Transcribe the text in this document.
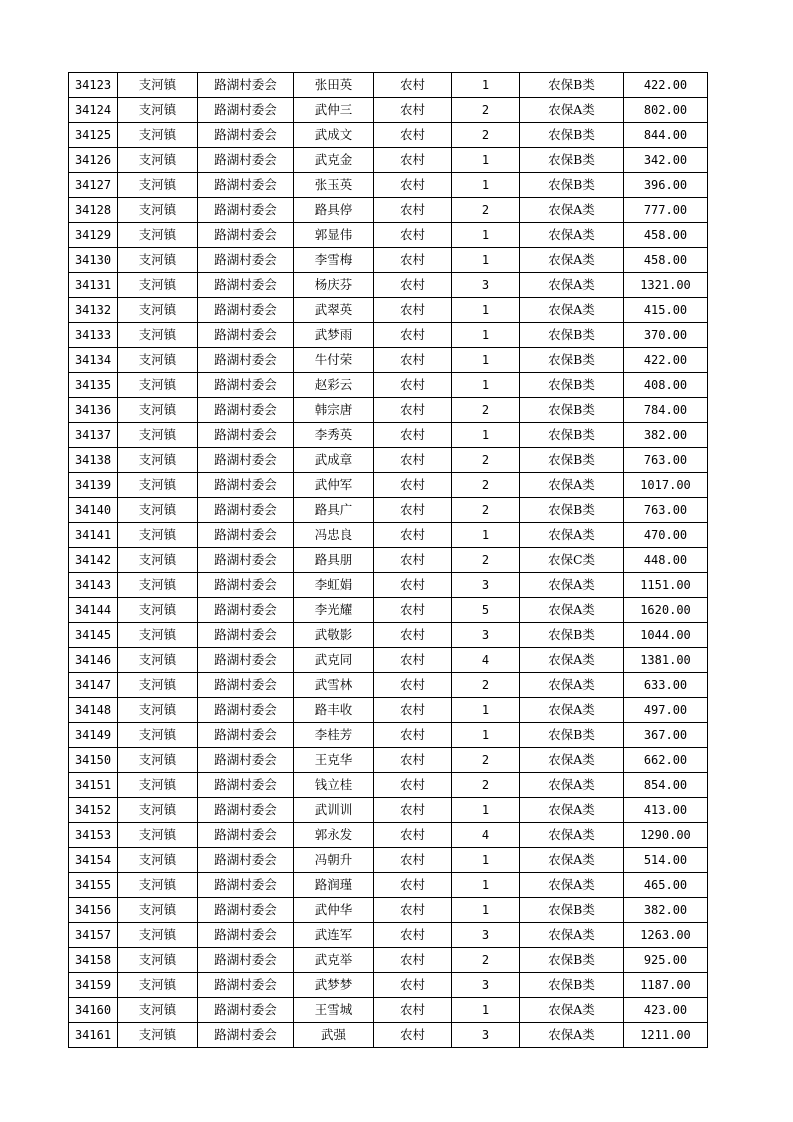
34123	支河镇	路湖村委会	张田英	农村	1	农保B类	422.00
34124	支河镇	路湖村委会	武仲三	农村	2	农保A类	802.00
34125	支河镇	路湖村委会	武成文	农村	2	农保B类	844.00
34126	支河镇	路湖村委会	武克金	农村	1	农保B类	342.00
34127	支河镇	路湖村委会	张玉英	农村	1	农保B类	396.00
34128	支河镇	路湖村委会	路具停	农村	2	农保A类	777.00
34129	支河镇	路湖村委会	郭显伟	农村	1	农保A类	458.00
34130	支河镇	路湖村委会	李雪梅	农村	1	农保A类	458.00
34131	支河镇	路湖村委会	杨庆芬	农村	3	农保A类	1321.00
34132	支河镇	路湖村委会	武翠英	农村	1	农保A类	415.00
34133	支河镇	路湖村委会	武梦雨	农村	1	农保B类	370.00
34134	支河镇	路湖村委会	牛付荣	农村	1	农保B类	422.00
34135	支河镇	路湖村委会	赵彩云	农村	1	农保B类	408.00
34136	支河镇	路湖村委会	韩宗唐	农村	2	农保B类	784.00
34137	支河镇	路湖村委会	李秀英	农村	1	农保B类	382.00
34138	支河镇	路湖村委会	武成章	农村	2	农保B类	763.00
34139	支河镇	路湖村委会	武仲军	农村	2	农保A类	1017.00
34140	支河镇	路湖村委会	路具广	农村	2	农保B类	763.00
34141	支河镇	路湖村委会	冯忠良	农村	1	农保A类	470.00
34142	支河镇	路湖村委会	路具朋	农村	2	农保C类	448.00
34143	支河镇	路湖村委会	李虹娟	农村	3	农保A类	1151.00
34144	支河镇	路湖村委会	李光耀	农村	5	农保A类	1620.00
34145	支河镇	路湖村委会	武敬影	农村	3	农保B类	1044.00
34146	支河镇	路湖村委会	武克同	农村	4	农保A类	1381.00
34147	支河镇	路湖村委会	武雪林	农村	2	农保A类	633.00
34148	支河镇	路湖村委会	路丰收	农村	1	农保A类	497.00
34149	支河镇	路湖村委会	李桂芳	农村	1	农保B类	367.00
34150	支河镇	路湖村委会	王克华	农村	2	农保A类	662.00
34151	支河镇	路湖村委会	钱立桂	农村	2	农保A类	854.00
34152	支河镇	路湖村委会	武训训	农村	1	农保A类	413.00
34153	支河镇	路湖村委会	郭永发	农村	4	农保A类	1290.00
34154	支河镇	路湖村委会	冯朝升	农村	1	农保A类	514.00
34155	支河镇	路湖村委会	路润瑾	农村	1	农保A类	465.00
34156	支河镇	路湖村委会	武仲华	农村	1	农保B类	382.00
34157	支河镇	路湖村委会	武连军	农村	3	农保A类	1263.00
34158	支河镇	路湖村委会	武克举	农村	2	农保B类	925.00
34159	支河镇	路湖村委会	武梦梦	农村	3	农保B类	1187.00
34160	支河镇	路湖村委会	王雪城	农村	1	农保A类	423.00
34161	支河镇	路湖村委会	武强	农村	3	农保A类	1211.00
